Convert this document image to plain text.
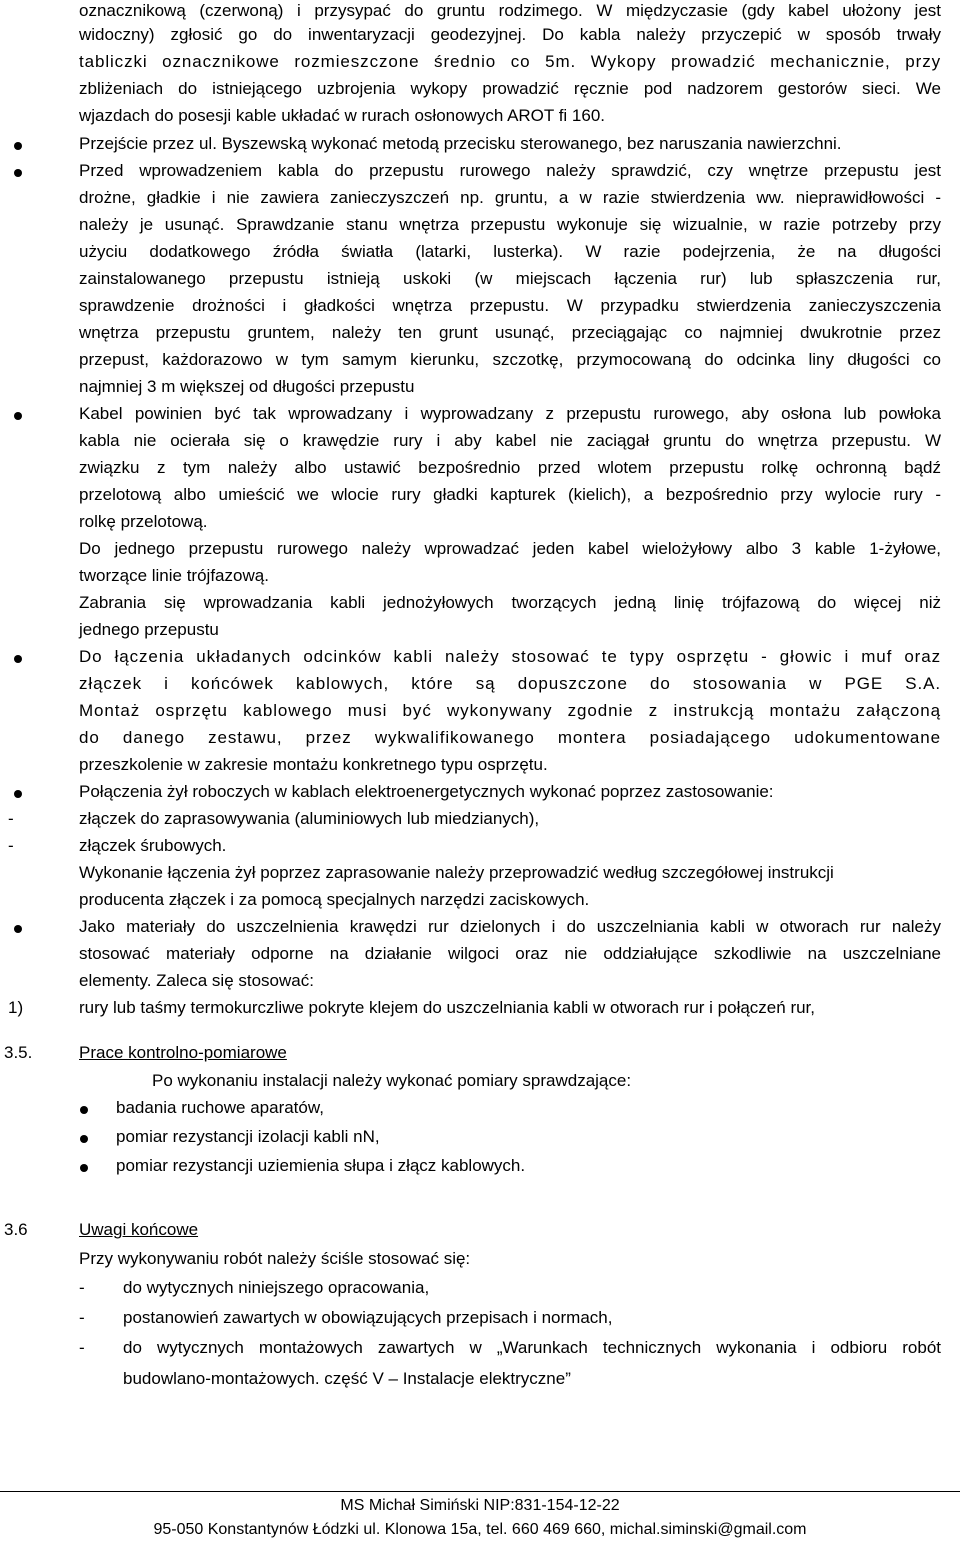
oznacznikową (czerwoną) i przysypać do gruntu rodzimego. W międzyczasie (gdy kabel ułożony jest
widoczny) zgłosić go do inwentaryzacji geodezyjnej. Do kabla należy przyczepić w sposób trwały
tabliczki oznacznikowe rozmieszczone średnio co 5m. Wykopy prowadzić mechanicznie, przy
zbliżeniach do istniejącego uzbrojenia wykopy prowadzić ręcznie pod nadzorem gestorów sieci. We
wjazdach do posesji kable układać w rurach osłonowych AROT fi 160.
Przejście przez ul. Byszewską wykonać metodą przecisku sterowanego, bez naruszania nawierzchni.
Przed wprowadzeniem kabla do przepustu rurowego należy sprawdzić, czy wnętrze przepustu jest
drożne, gładkie i nie zawiera zanieczyszczeń np. gruntu, a w razie stwierdzenia ww. nieprawidłowości -
należy je usunąć. Sprawdzanie stanu wnętrza przepustu wykonuje się wizualnie, w razie potrzeby przy
użyciu dodatkowego źródła światła (latarki, lusterka). W razie podejrzenia, że na długości
zainstalowanego przepustu istnieją uskoki (w miejscach łączenia rur) lub spłaszczenia rur,
sprawdzenie drożności i gładkości wnętrza przepustu. W przypadku stwierdzenia zanieczyszczenia
wnętrza przepustu gruntem, należy ten grunt usunąć, przeciągając co najmniej dwukrotnie przez
przepust, każdorazowo w tym samym kierunku, szczotkę, przymocowaną do odcinka liny długości co
najmniej 3 m większej od długości przepustu
Kabel powinien być tak wprowadzany i wyprowadzany z przepustu rurowego, aby osłona lub powłoka
kabla nie ocierała się o krawędzie rury i aby kabel nie zaciągał gruntu do wnętrza przepustu. W
związku z tym należy albo ustawić bezpośrednio przed wlotem przepustu rolkę ochronną bądź
przelotową albo umieścić we wlocie rury gładki kapturek (kielich), a bezpośrednio przy wylocie rury -
rolkę przelotową.
Do jednego przepustu rurowego należy wprowadzać jeden kabel wielożyłowy albo 3 kable 1-żyłowe,
tworzące linie trójfazową.
Zabrania się wprowadzania kabli jednożyłowych tworzących jedną linię trójfazową do więcej niż
jednego przepustu
Do łączenia układanych odcinków kabli należy stosować te typy osprzętu - głowic i muf oraz
złączek i końcówek kablowych, które są dopuszczone do stosowania w PGE S.A.
Montaż osprzętu kablowego musi być wykonywany zgodnie z instrukcją montażu załączoną
do danego zestawu, przez wykwalifikowanego montera posiadającego udokumentowane
przeszkolenie w zakresie montażu konkretnego typu osprzętu.
Połączenia żył roboczych w kablach elektroenergetycznych wykonać poprzez zastosowanie:
-	złączek do zaprasowywania (aluminiowych lub miedzianych),
-	złączek śrubowych.
Wykonanie łączenia żył poprzez zaprasowanie należy przeprowadzić według szczegółowej instrukcji
producenta złączek i za pomocą specjalnych narzędzi zaciskowych.
Jako materiały do uszczelnienia krawędzi rur dzielonych i do uszczelniania kabli w otworach rur należy
stosować materiały odporne na działanie wilgoci oraz nie oddziałujące szkodliwie na uszczelniane
elementy. Zaleca się stosować:
1)	rury lub taśmy termokurczliwe pokryte klejem do uszczelniania kabli w otworach rur i połączeń rur,
3.5.	Prace kontrolno-pomiarowe
Po wykonaniu instalacji należy wykonać pomiary sprawdzające:
badania ruchowe aparatów,
pomiar rezystancji izolacji kabli nN,
pomiar rezystancji uziemienia słupa i złącz kablowych.
3.6	Uwagi końcowe
Przy wykonywaniu robót należy ściśle stosować się:
-	do wytycznych niniejszego opracowania,
-	postanowień zawartych w obowiązujących przepisach i normach,
-	do wytycznych montażowych zawartych w „Warunkach technicznych wykonania i odbioru robót
budowlano-montażowych. część V – Instalacje elektryczne”
MS Michał Simiński NIP:831-154-12-22
95-050 Konstantynów Łódzki ul. Klonowa 15a, tel. 660 469 660, michal.siminski@gmail.com
